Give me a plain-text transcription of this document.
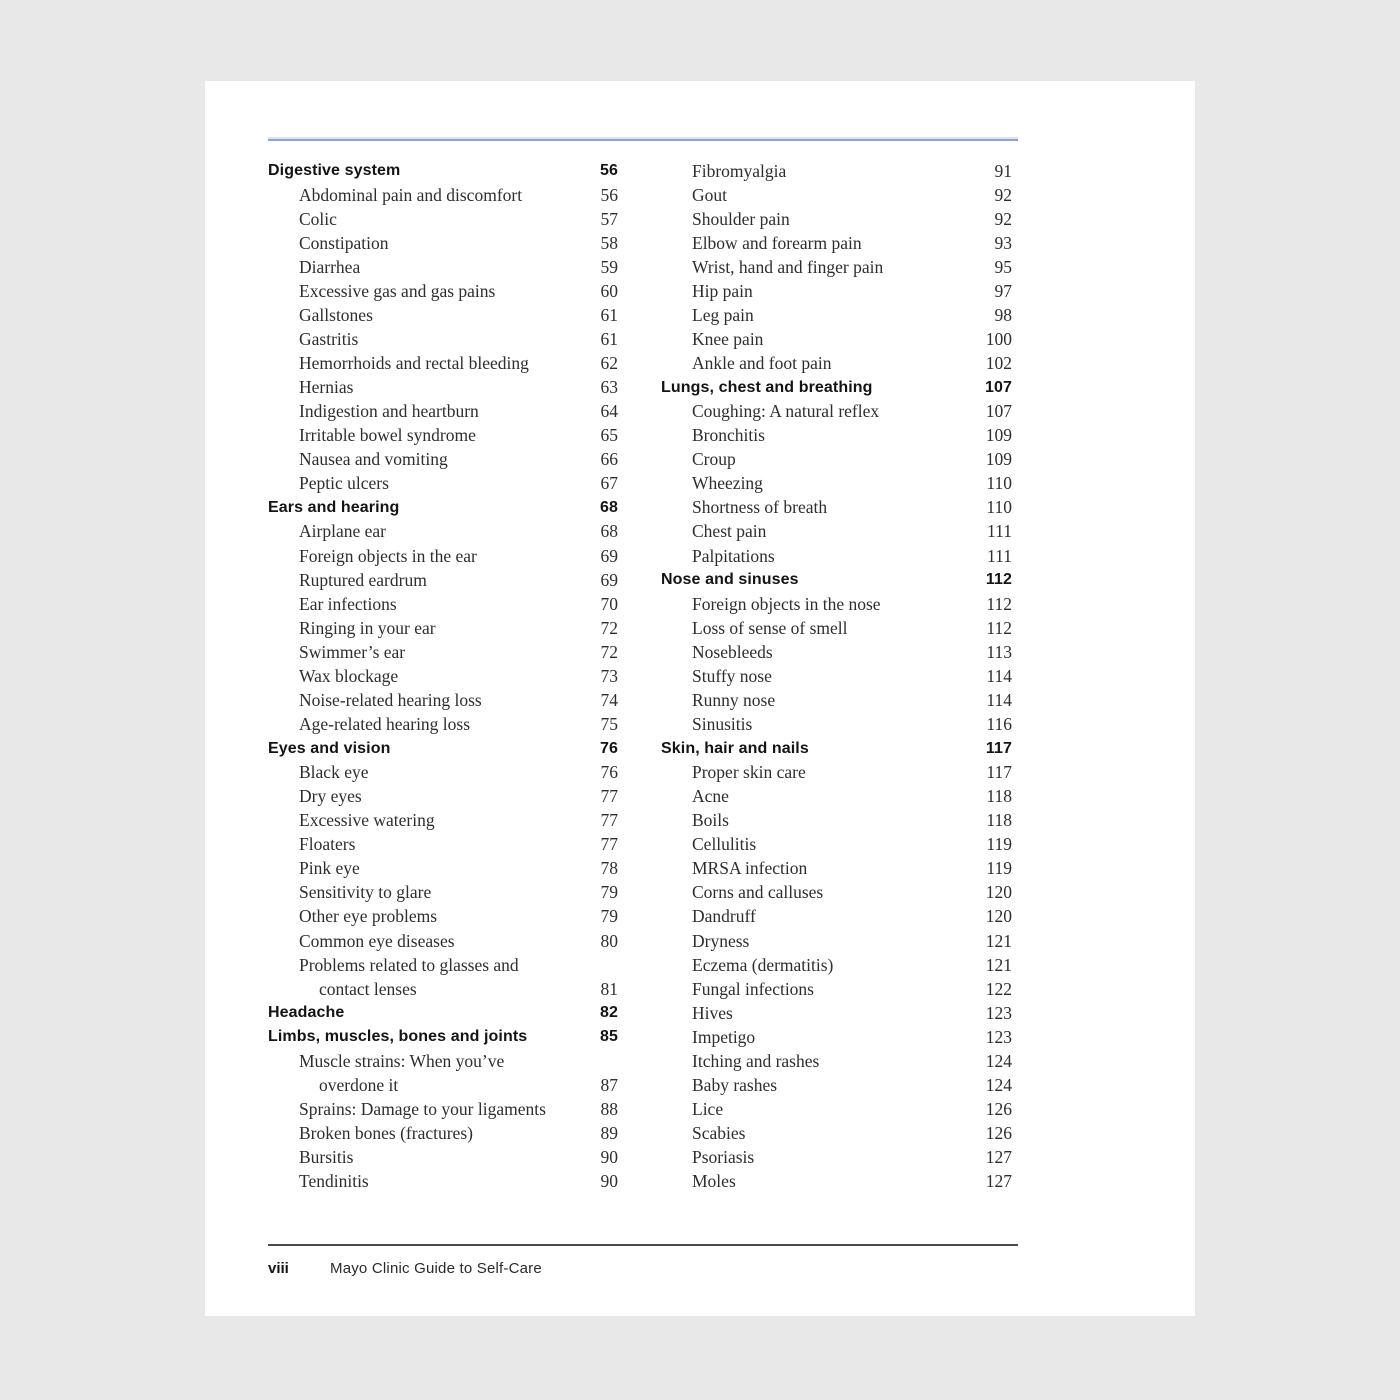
Digestive system	56
Abdominal pain and discomfort	56
Colic	57
Constipation	58
Diarrhea	59
Excessive gas and gas pains	60
Gallstones	61
Gastritis	61
Hemorrhoids and rectal bleeding	62
Hernias	63
Indigestion and heartburn	64
Irritable bowel syndrome	65
Nausea and vomiting	66
Peptic ulcers	67
Ears and hearing	68
Airplane ear	68
Foreign objects in the ear	69
Ruptured eardrum	69
Ear infections	70
Ringing in your ear	72
Swimmer’s ear	72
Wax blockage	73
Noise-related hearing loss	74
Age-related hearing loss	75
Eyes and vision	76
Black eye	76
Dry eyes	77
Excessive watering	77
Floaters	77
Pink eye	78
Sensitivity to glare	79
Other eye problems	79
Common eye diseases	80
Problems related to glasses and
contact lenses	81
Headache	82
Limbs, muscles, bones and joints	85
Muscle strains: When you’ve
overdone it	87
Sprains: Damage to your ligaments	88
Broken bones (fractures)	89
Bursitis	90
Tendinitis	90
Fibromyalgia	91
Gout	92
Shoulder pain	92
Elbow and forearm pain	93
Wrist, hand and finger pain	95
Hip pain	97
Leg pain	98
Knee pain	100
Ankle and foot pain	102
Lungs, chest and breathing	107
Coughing: A natural reflex	107
Bronchitis	109
Croup	109
Wheezing	110
Shortness of breath	110
Chest pain	111
Palpitations	111
Nose and sinuses	112
Foreign objects in the nose	112
Loss of sense of smell	112
Nosebleeds	113
Stuffy nose	114
Runny nose	114
Sinusitis	116
Skin, hair and nails	117
Proper skin care	117
Acne	118
Boils	118
Cellulitis	119
MRSA infection	119
Corns and calluses	120
Dandruff	120
Dryness	121
Eczema (dermatitis)	121
Fungal infections	122
Hives	123
Impetigo	123
Itching and rashes	124
Baby rashes	124
Lice	126
Scabies	126
Psoriasis	127
Moles	127
viii	Mayo Clinic Guide to Self-Care
